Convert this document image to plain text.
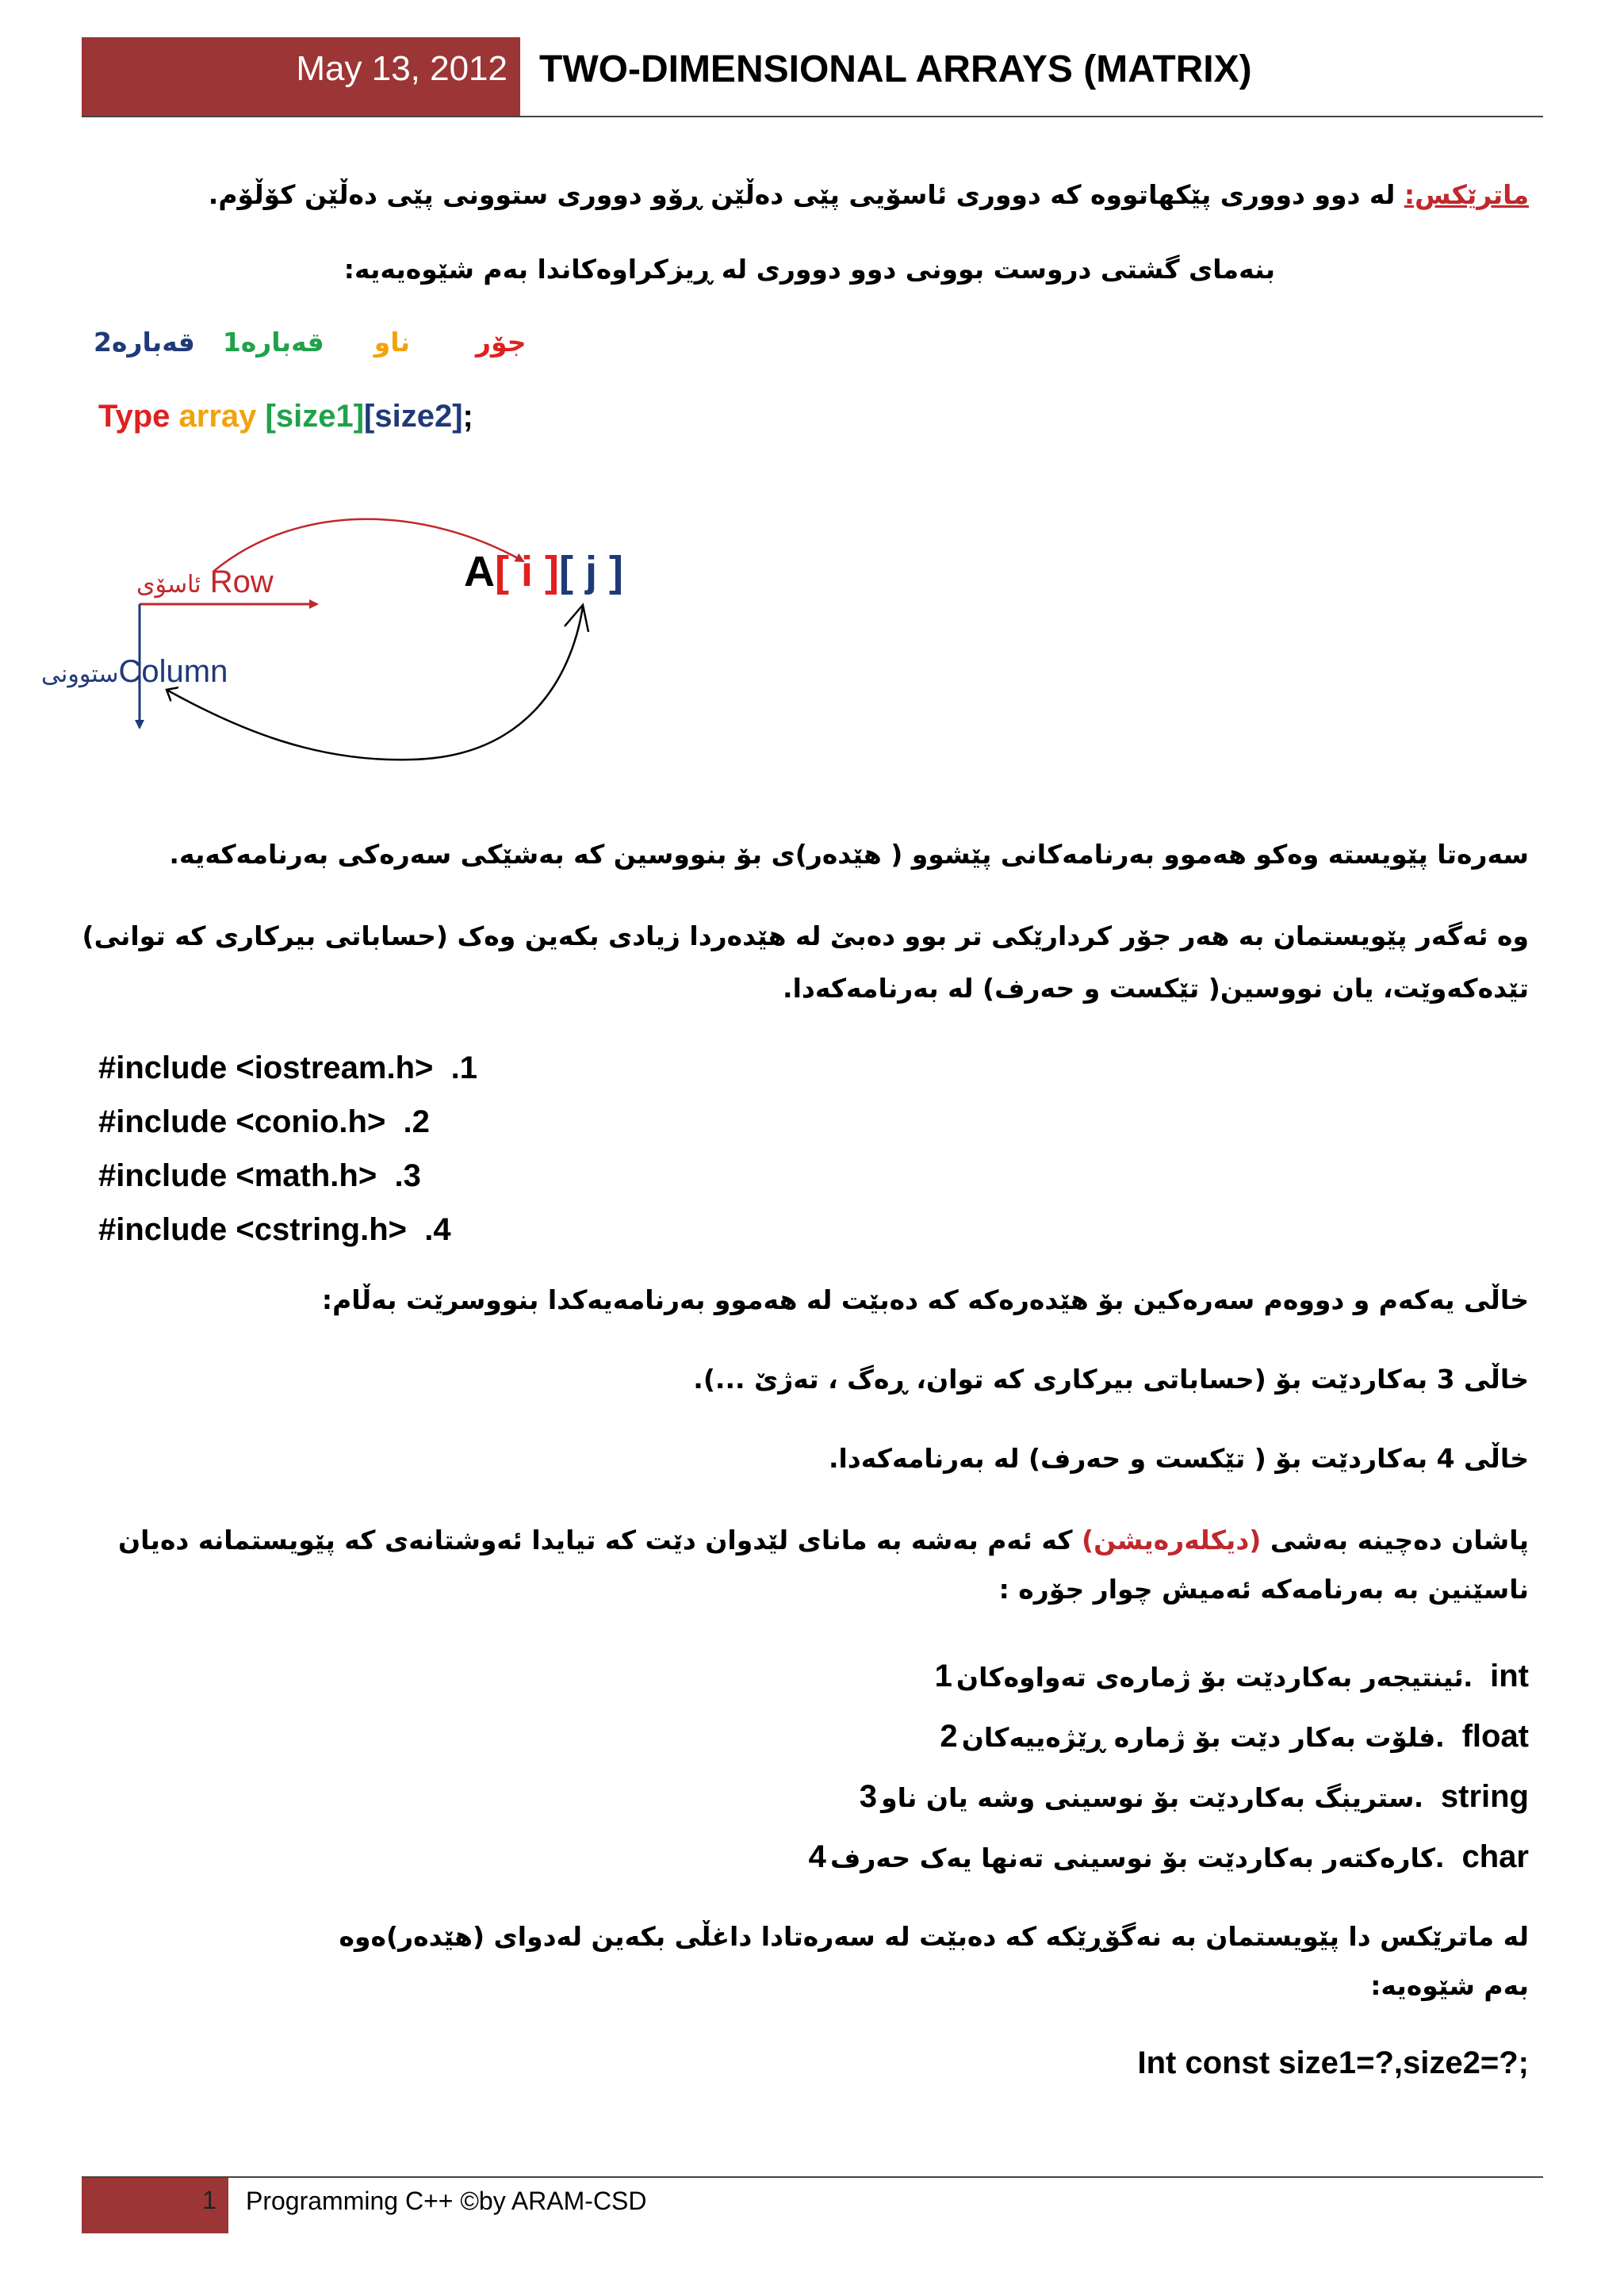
May 13, 2012 TWO-DIMENSIONAL ARRAYS (MATRIX)
ماترێکس: لە دوو دووری پێکهاتووە کە دووری ئاسۆیی پێی دەڵێن ڕۆو دووری ستوونی پێی دەڵێن کۆڵۆم.
بنەمای گشتی دروست بوونی دوو دووری لە ڕیزکراوەکاندا بەم شێوەیەیە:
جۆر  ناو  قەبارە1  قەبارە2
Type array [size1][size2];
ئاسۆی Row
ستوونیColumn
A[ i ][ j ]
سەرەتا پێویستە وەکو هەموو بەرنامەکانی پێشوو ( هێدەر)ی بۆ بنووسین کە بەشێکی سەرەکی بەرنامەکەیە.
وە ئەگەر پێویستمان بە هەر جۆر کردارێکی تر بوو دەبێ لە هێدەردا زیادی بکەین وەک (حساباتی بیرکاری کە توانی) تێدەکەوێت، یان نووسین( تێکست و حەرف) لە بەرنامەکەدا.
#include <iostream.h> .1
#include <conio.h> .2
#include <math.h> .3
#include <cstring.h> .4
خاڵی یەکەم و دووەم سەرەکین بۆ هێدەرەکە کە دەبێت لە هەموو بەرنامەیەکدا بنووسرێت بەڵام:
خاڵی 3 بەکاردێت بۆ (حساباتی بیرکاری کە توان، ڕەگ ، تەژێ ...).
خاڵی 4 بەکاردێت بۆ ( تێکست و حەرف) لە بەرنامەکەدا.
پاشان دەچینە بەشی (دیکلەرەیشن) کە ئەم بەشە بە مانای لێدوان دێت کە تیایدا ئەوشتانەی کە پێویستمانە دەیان ناسێنین بە بەرنامەکە ئەمیش چوار جۆرە :
ئینتیجەر بەکاردێت بۆ ژمارەی تەواوەکان 1. int
فلۆت بەکار دێت بۆ ژمارە ڕێژەییەکان 2. float
ستریڹگ بەکاردێت بۆ نوسینی وشە یان ناو 3. string
کارەکتەر بەکاردێت بۆ نوسینی تەنها یەک حەرف 4. char
لە ماترێکس دا پێویستمان بە نەگۆڕێکە کە دەبێت لە سەرەتادا داغڵی بکەین لەدوای (هێدەر)ەوە بەم شێوەیە:
Int const size1=?,size2=?;
1 Programming C++ ©by ARAM-CSD
